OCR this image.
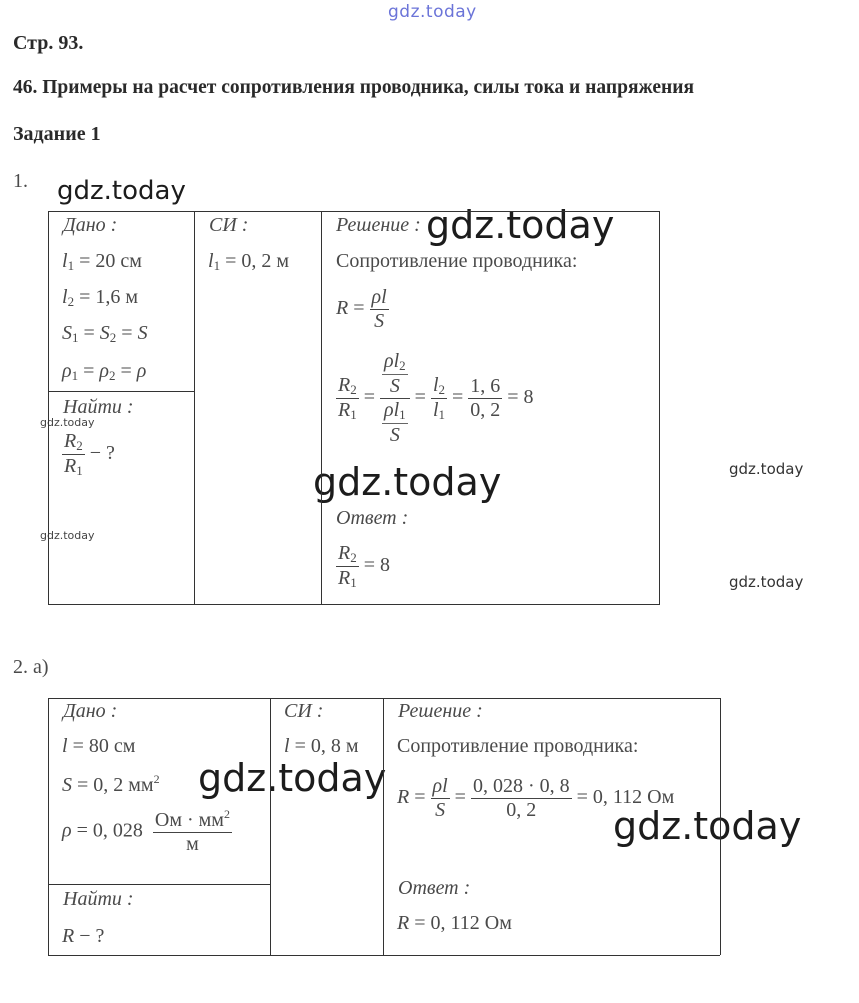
gdz.today
gdz.today
gdz.today
gdz.today
gdz.today	gdz.today
gdz.today
gdz.today
gdz.today
gdz.today
Стр. 93.
46. Примеры на расчет сопротивления проводника, силы тока и напряжения
Задание 1
1.
Дано :
$l_1 = 20$ см
$l_2 = 1,6$ м
$S_1 = S_2 = S$
$\rho_1 = \rho_2 = \rho$
Найти :
$\frac{R_2}{R_1}$ − ?
СИ :
$l_1 = 0$, 2 м
Решение :
Сопротивление проводника:
$R = \frac{\rho l}{S}$
$\frac{R_2}{R_1} = \frac{\frac{\rho l_2}{S}}{\frac{\rho l_1}{S}} = \frac{l_2}{l_1} = \frac{1, 6}{0, 2} = 8$
Ответ :
$\frac{R_2}{R_1} = 8$
2. а)
Дано :
l = 80 см
S = 0, 2 $мм^2$
ρ = 0, $028 \frac{Ом \cdot мм^2}{м}$
Найти :
R − ?
СИ :
l = 0, 8 м
Решение :
Сопротивление проводника:
$R = \frac{\rho l}{S} = \frac{0, 028 \cdot 0, 8}{0, 2} = 0$, 112 Ом
Ответ :
R = 0, 112 Ом
